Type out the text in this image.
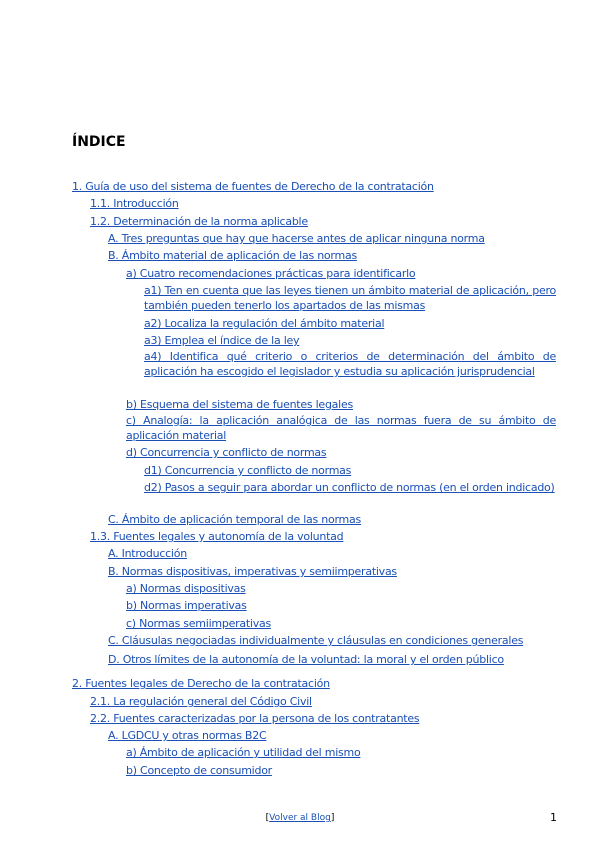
ÍNDICE
1. Guía de uso del sistema de fuentes de Derecho de la contratación
1.1. Introducción
1.2. Determinación de la norma aplicable
A. Tres preguntas que hay que hacerse antes de aplicar ninguna norma
B. Ámbito material de aplicación de las normas
a) Cuatro recomendaciones prácticas para identificarlo
a1) Ten en cuenta que las leyes tienen un ámbito material de aplicación, pero también pueden tenerlo los apartados de las mismas
a2) Localiza la regulación del ámbito material
a3) Emplea el índice de la ley
a4) Identifica qué criterio o criterios de determinación del ámbito de aplicación ha escogido el legislador y estudia su aplicación jurisprudencial
b) Esquema del sistema de fuentes legales
c) Analogía: la aplicación analógica de las normas fuera de su ámbito de aplicación material
d) Concurrencia y conflicto de normas
d1) Concurrencia y conflicto de normas
d2) Pasos a seguir para abordar un conflicto de normas (en el orden indicado)
C. Ámbito de aplicación temporal de las normas
1.3. Fuentes legales y autonomía de la voluntad
A. Introducción
B. Normas dispositivas, imperativas y semiimperativas
a) Normas dispositivas
b) Normas imperativas
c) Normas semiimperativas
C. Cláusulas negociadas individualmente y cláusulas en condiciones generales
D. Otros límites de la autonomía de la voluntad: la moral y el orden público
2. Fuentes legales de Derecho de la contratación
2.1. La regulación general del Código Civil
2.2. Fuentes caracterizadas por la persona de los contratantes
A. LGDCU y otras normas B2C
a) Ámbito de aplicación y utilidad del mismo
b) Concepto de consumidor
[Volver al Blog]	1
